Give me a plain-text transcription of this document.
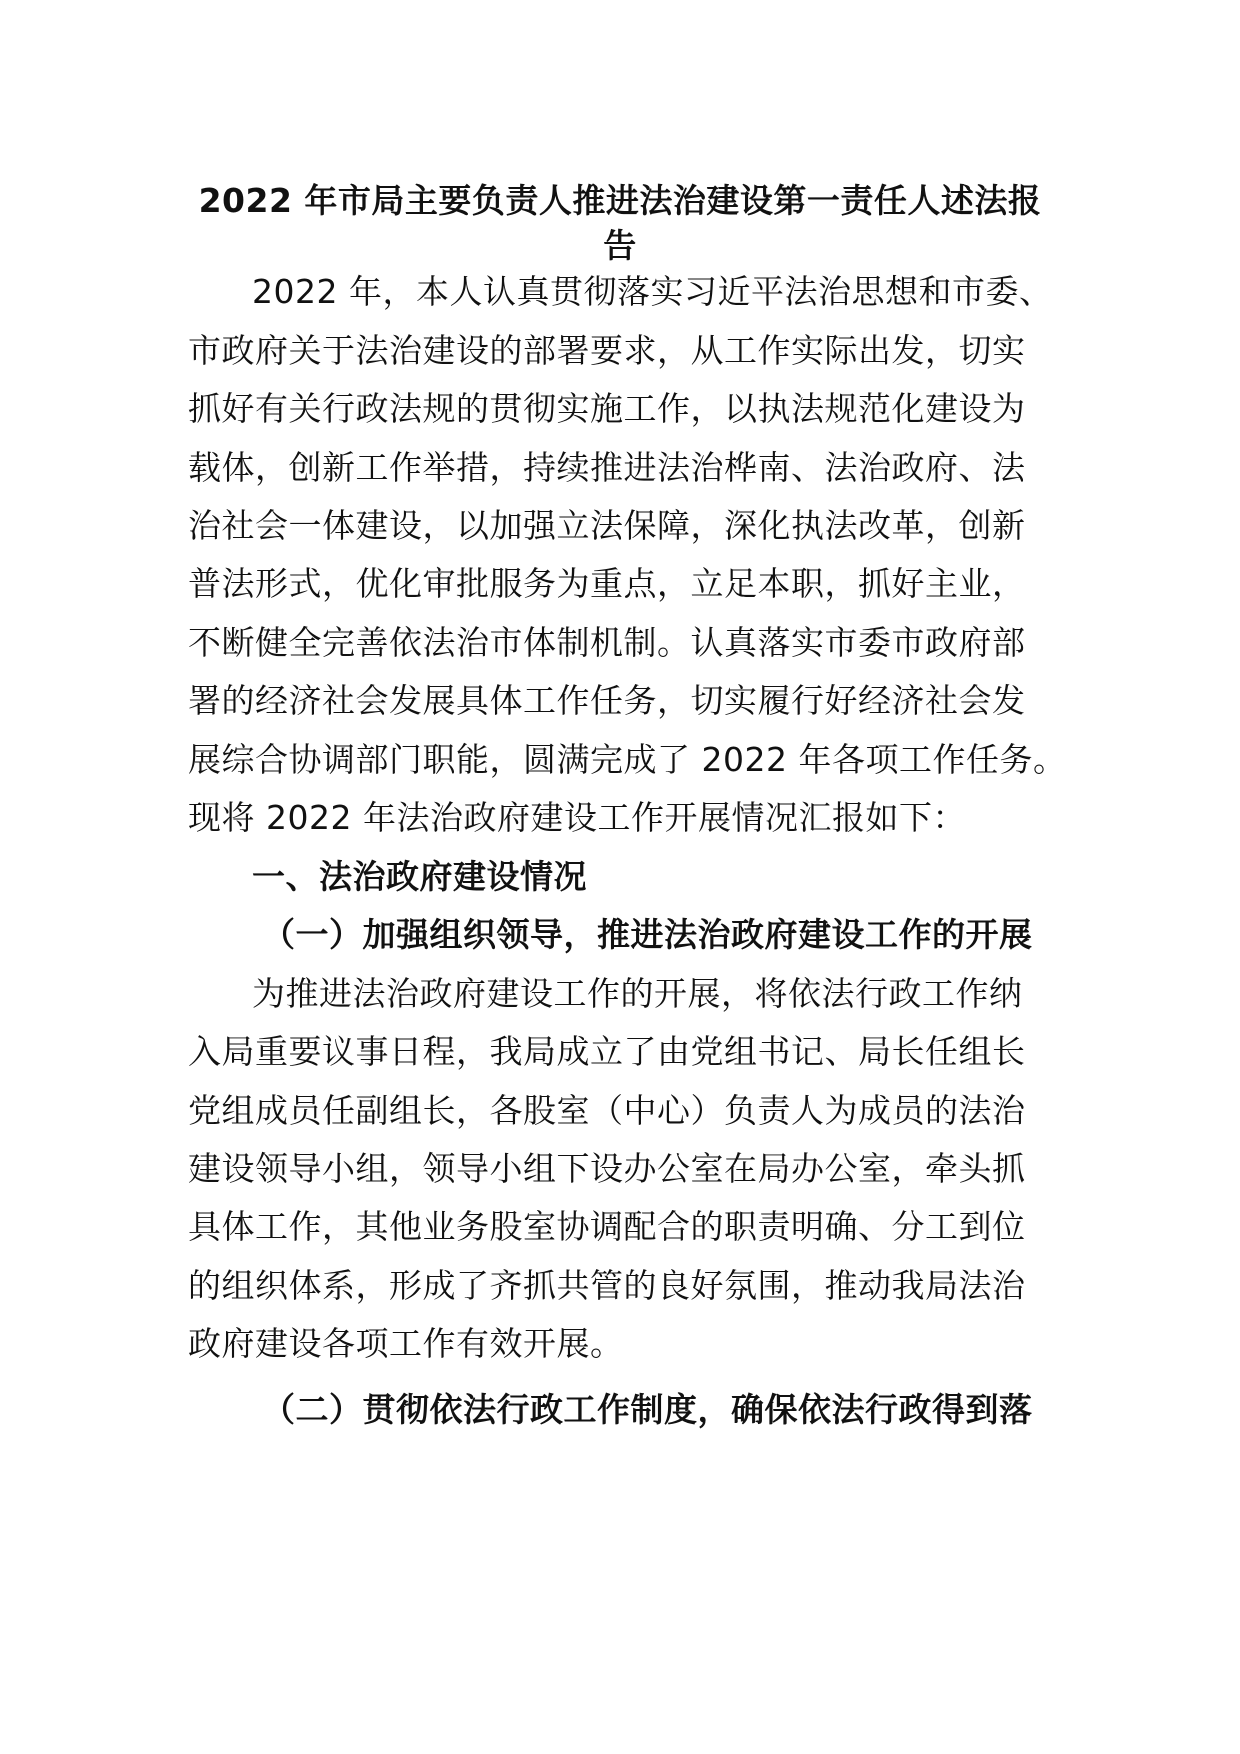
2022 年市局主要负责人推进法治建设第一责任人述法报
告
2022 年，本人认真贯彻落实习近平法治思想和市委、
市政府关于法治建设的部署要求，从工作实际出发，切实
抓好有关行政法规的贯彻实施工作，以执法规范化建设为
载体，创新工作举措，持续推进法治桦南、法治政府、法
治社会一体建设，以加强立法保障，深化执法改革，创新
普法形式，优化审批服务为重点，立足本职，抓好主业，
不断健全完善依法治市体制机制。认真落实市委市政府部
署的经济社会发展具体工作任务，切实履行好经济社会发
展综合协调部门职能，圆满完成了 2022 年各项工作任务。
现将 2022 年法治政府建设工作开展情况汇报如下：
一、法治政府建设情况
（一）加强组织领导，推进法治政府建设工作的开展
为推进法治政府建设工作的开展，将依法行政工作纳
入局重要议事日程，我局成立了由党组书记、局长任组长
党组成员任副组长，各股室（中心）负责人为成员的法治
建设领导小组，领导小组下设办公室在局办公室，牵头抓
具体工作，其他业务股室协调配合的职责明确、分工到位
的组织体系，形成了齐抓共管的良好氛围，推动我局法治
政府建设各项工作有效开展。
（二）贯彻依法行政工作制度，确保依法行政得到落
